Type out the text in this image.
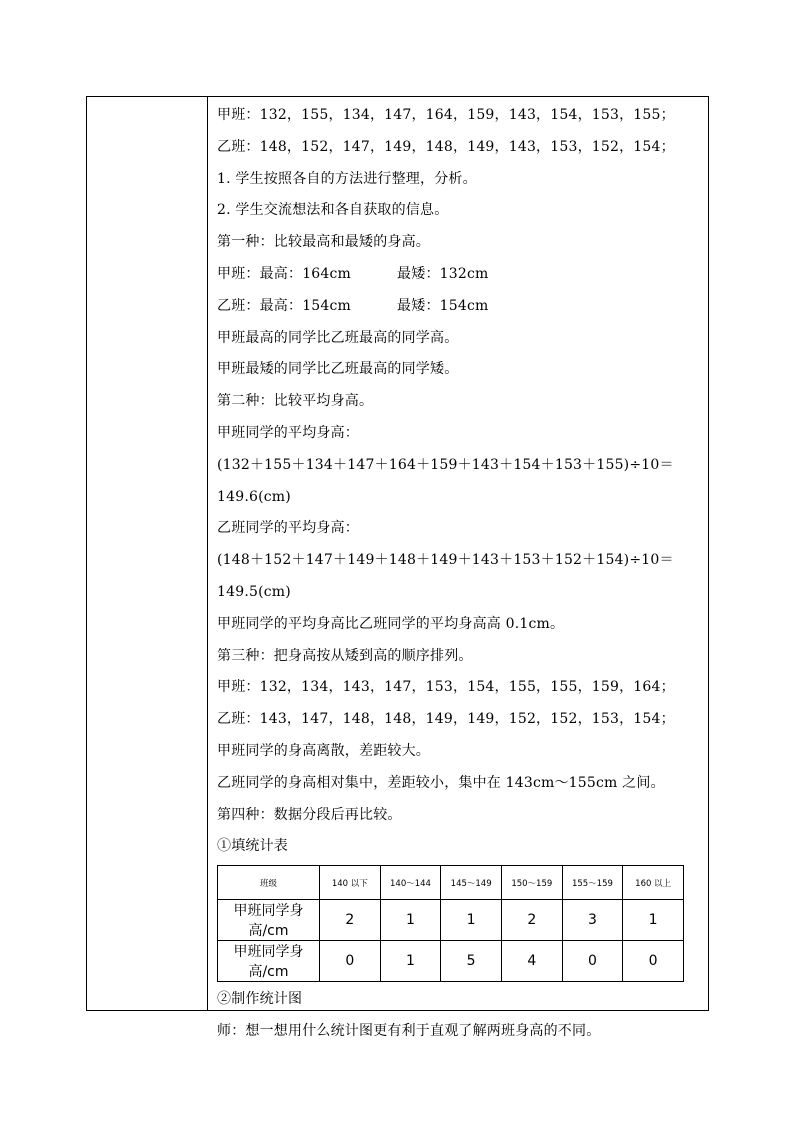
甲班：132，155，134，147，164，159，143，154，153，155；
乙班：148，152，147，149，148，149，143，153，152，154；
1. 学生按照各自的方法进行整理，分析。
2. 学生交流想法和各自获取的信息。
第一种：比较最高和最矮的身高。
甲班：最高：164cm	最矮：132cm
乙班：最高：154cm	最矮：154cm
甲班最高的同学比乙班最高的同学高。
甲班最矮的同学比乙班最高的同学矮。
第二种：比较平均身高。
甲班同学的平均身高：
(132＋155＋134＋147＋164＋159＋143＋154＋153＋155)÷10＝
149.6(cm)
乙班同学的平均身高：
(148＋152＋147＋149＋148＋149＋143＋153＋152＋154)÷10＝
149.5(cm)
甲班同学的平均身高比乙班同学的平均身高高 0.1cm。
第三种：把身高按从矮到高的顺序排列。
甲班：132，134，143，147，153，154，155，155，159，164；
乙班：143，147，148，148，149，149，152，152，153，154；
甲班同学的身高离散，差距较大。
乙班同学的身高相对集中，差距较小，集中在 143cm～155cm 之间。
第四种：数据分段后再比较。
①填统计表
班级	140 以下	140～144	145～149	150～159	155～159	160 以上
甲班同学身高/cm	2	1	1	2	3	1
甲班同学身高/cm	0	1	5	4	0	0
②制作统计图
师：想一想用什么统计图更有利于直观了解两班身高的不同。
